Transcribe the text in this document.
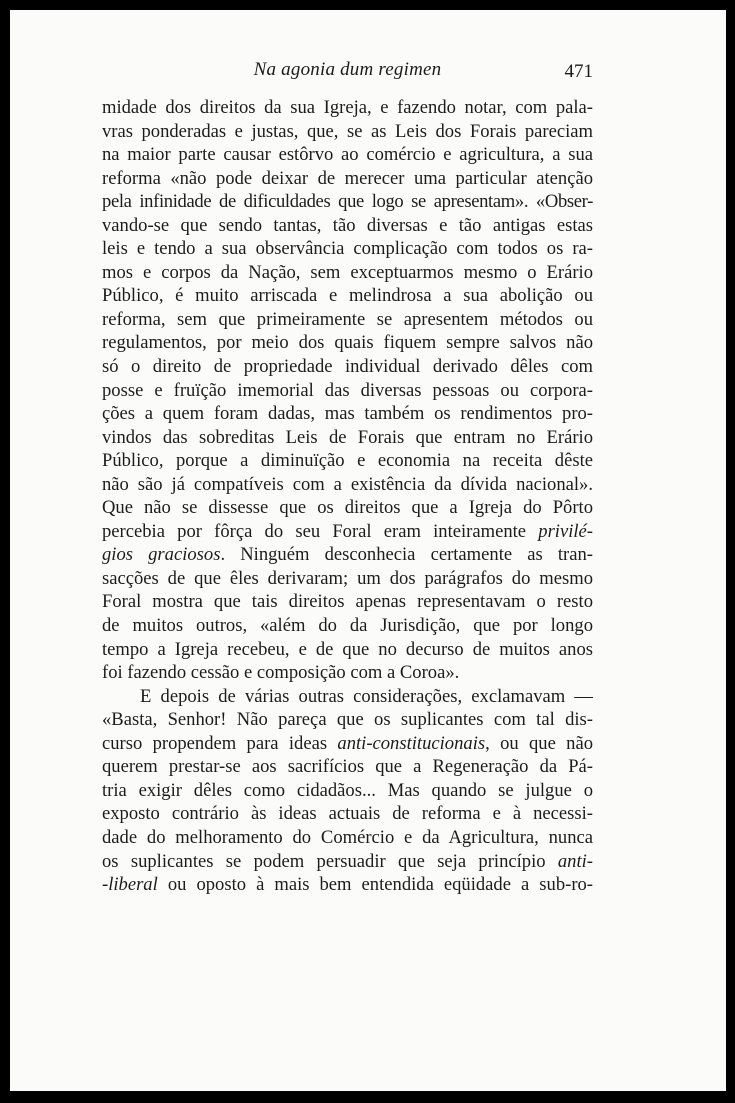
Na agonia dum regimen	471
midade dos direitos da sua Igreja, e fazendo notar, com pala-
vras ponderadas e justas, que, se as Leis dos Forais pareciam
na maior parte causar estôrvo ao comércio e agricultura, a sua
reforma «não pode deixar de merecer uma particular atenção
pela infinidade de dificuldades que logo se apresentam». «Obser-
vando-se que sendo tantas, tão diversas e tão antigas estas
leis e tendo a sua observância complicação com todos os ra-
mos e corpos da Nação, sem exceptuarmos mesmo o Erário
Público, é muito arriscada e melindrosa a sua abolição ou
reforma, sem que primeiramente se apresentem métodos ou
regulamentos, por meio dos quais fiquem sempre salvos não
só o direito de propriedade individual derivado dêles com
posse e fruïção imemorial das diversas pessoas ou corpora-
ções a quem foram dadas, mas também os rendimentos pro-
vindos das sobreditas Leis de Forais que entram no Erário
Público, porque a diminuïção e economia na receita dêste
não são já compatíveis com a existência da dívida nacional».
Que não se dissesse que os direitos que a Igreja do Pôrto
percebia por fôrça do seu Foral eram inteiramente privilé-
gios graciosos. Ninguém desconhecia certamente as tran-
sacções de que êles derivaram; um dos parágrafos do mesmo
Foral mostra que tais direitos apenas representavam o resto
de muitos outros, «além do da Jurisdição, que por longo
tempo a Igreja recebeu, e de que no decurso de muitos anos
foi fazendo cessão e composição com a Coroa».
E depois de várias outras considerações, exclamavam —
«Basta, Senhor! Não pareça que os suplicantes com tal dis-
curso propendem para ideas anti-constitucionais, ou que não
querem prestar-se aos sacrifícios que a Regeneração da Pá-
tria exigir dêles como cidadãos... Mas quando se julgue o
exposto contrário às ideas actuais de reforma e à necessi-
dade do melhoramento do Comércio e da Agricultura, nunca
os suplicantes se podem persuadir que seja princípio anti-
-liberal ou oposto à mais bem entendida eqüidade a sub-ro-
